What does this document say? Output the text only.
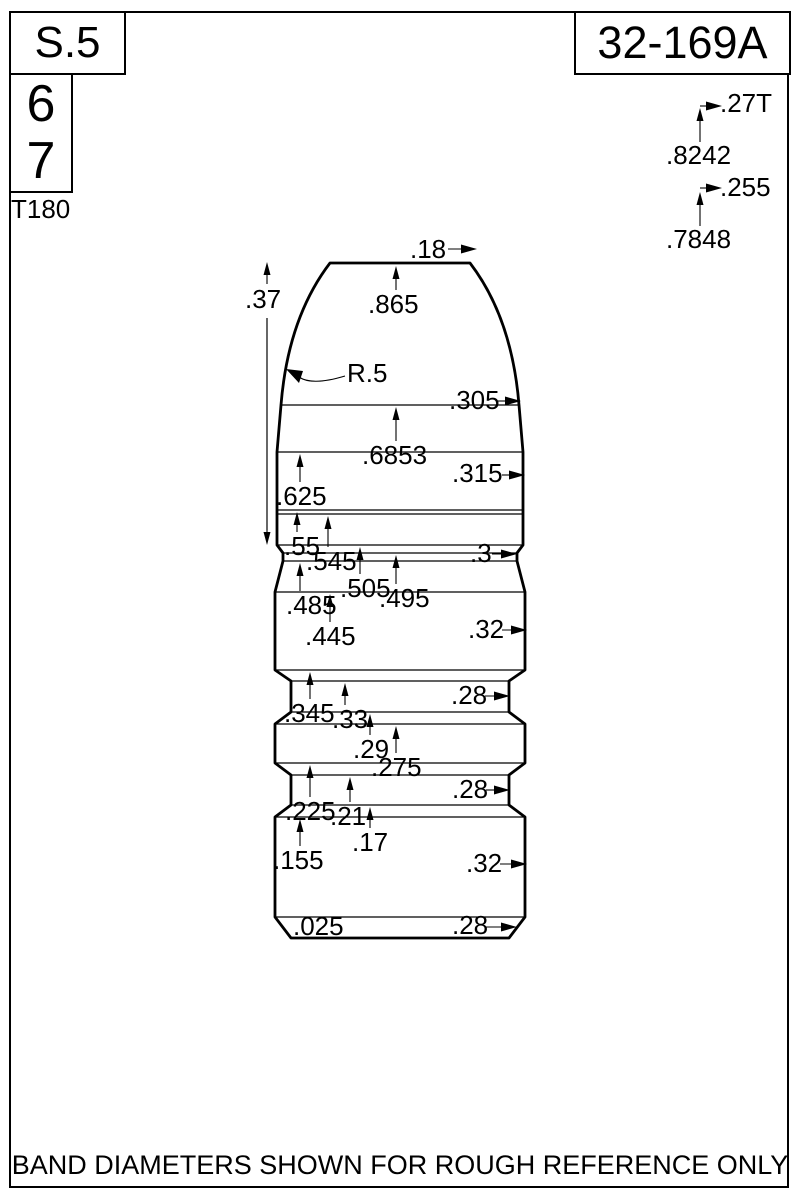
.18
.37	.865
R.5
.6853
.625
.55
.545
.505
.495
.485
.445
.345
.33
.29
.275
.225
.21
.17
.155
.025
.305
.315
.3
.32
.28
.28
.32
.28
.27T
.8242
.255
.7848
S.5
6
7
T180
32-169A
BAND DIAMETERS SHOWN FOR ROUGH REFERENCE ONLY
